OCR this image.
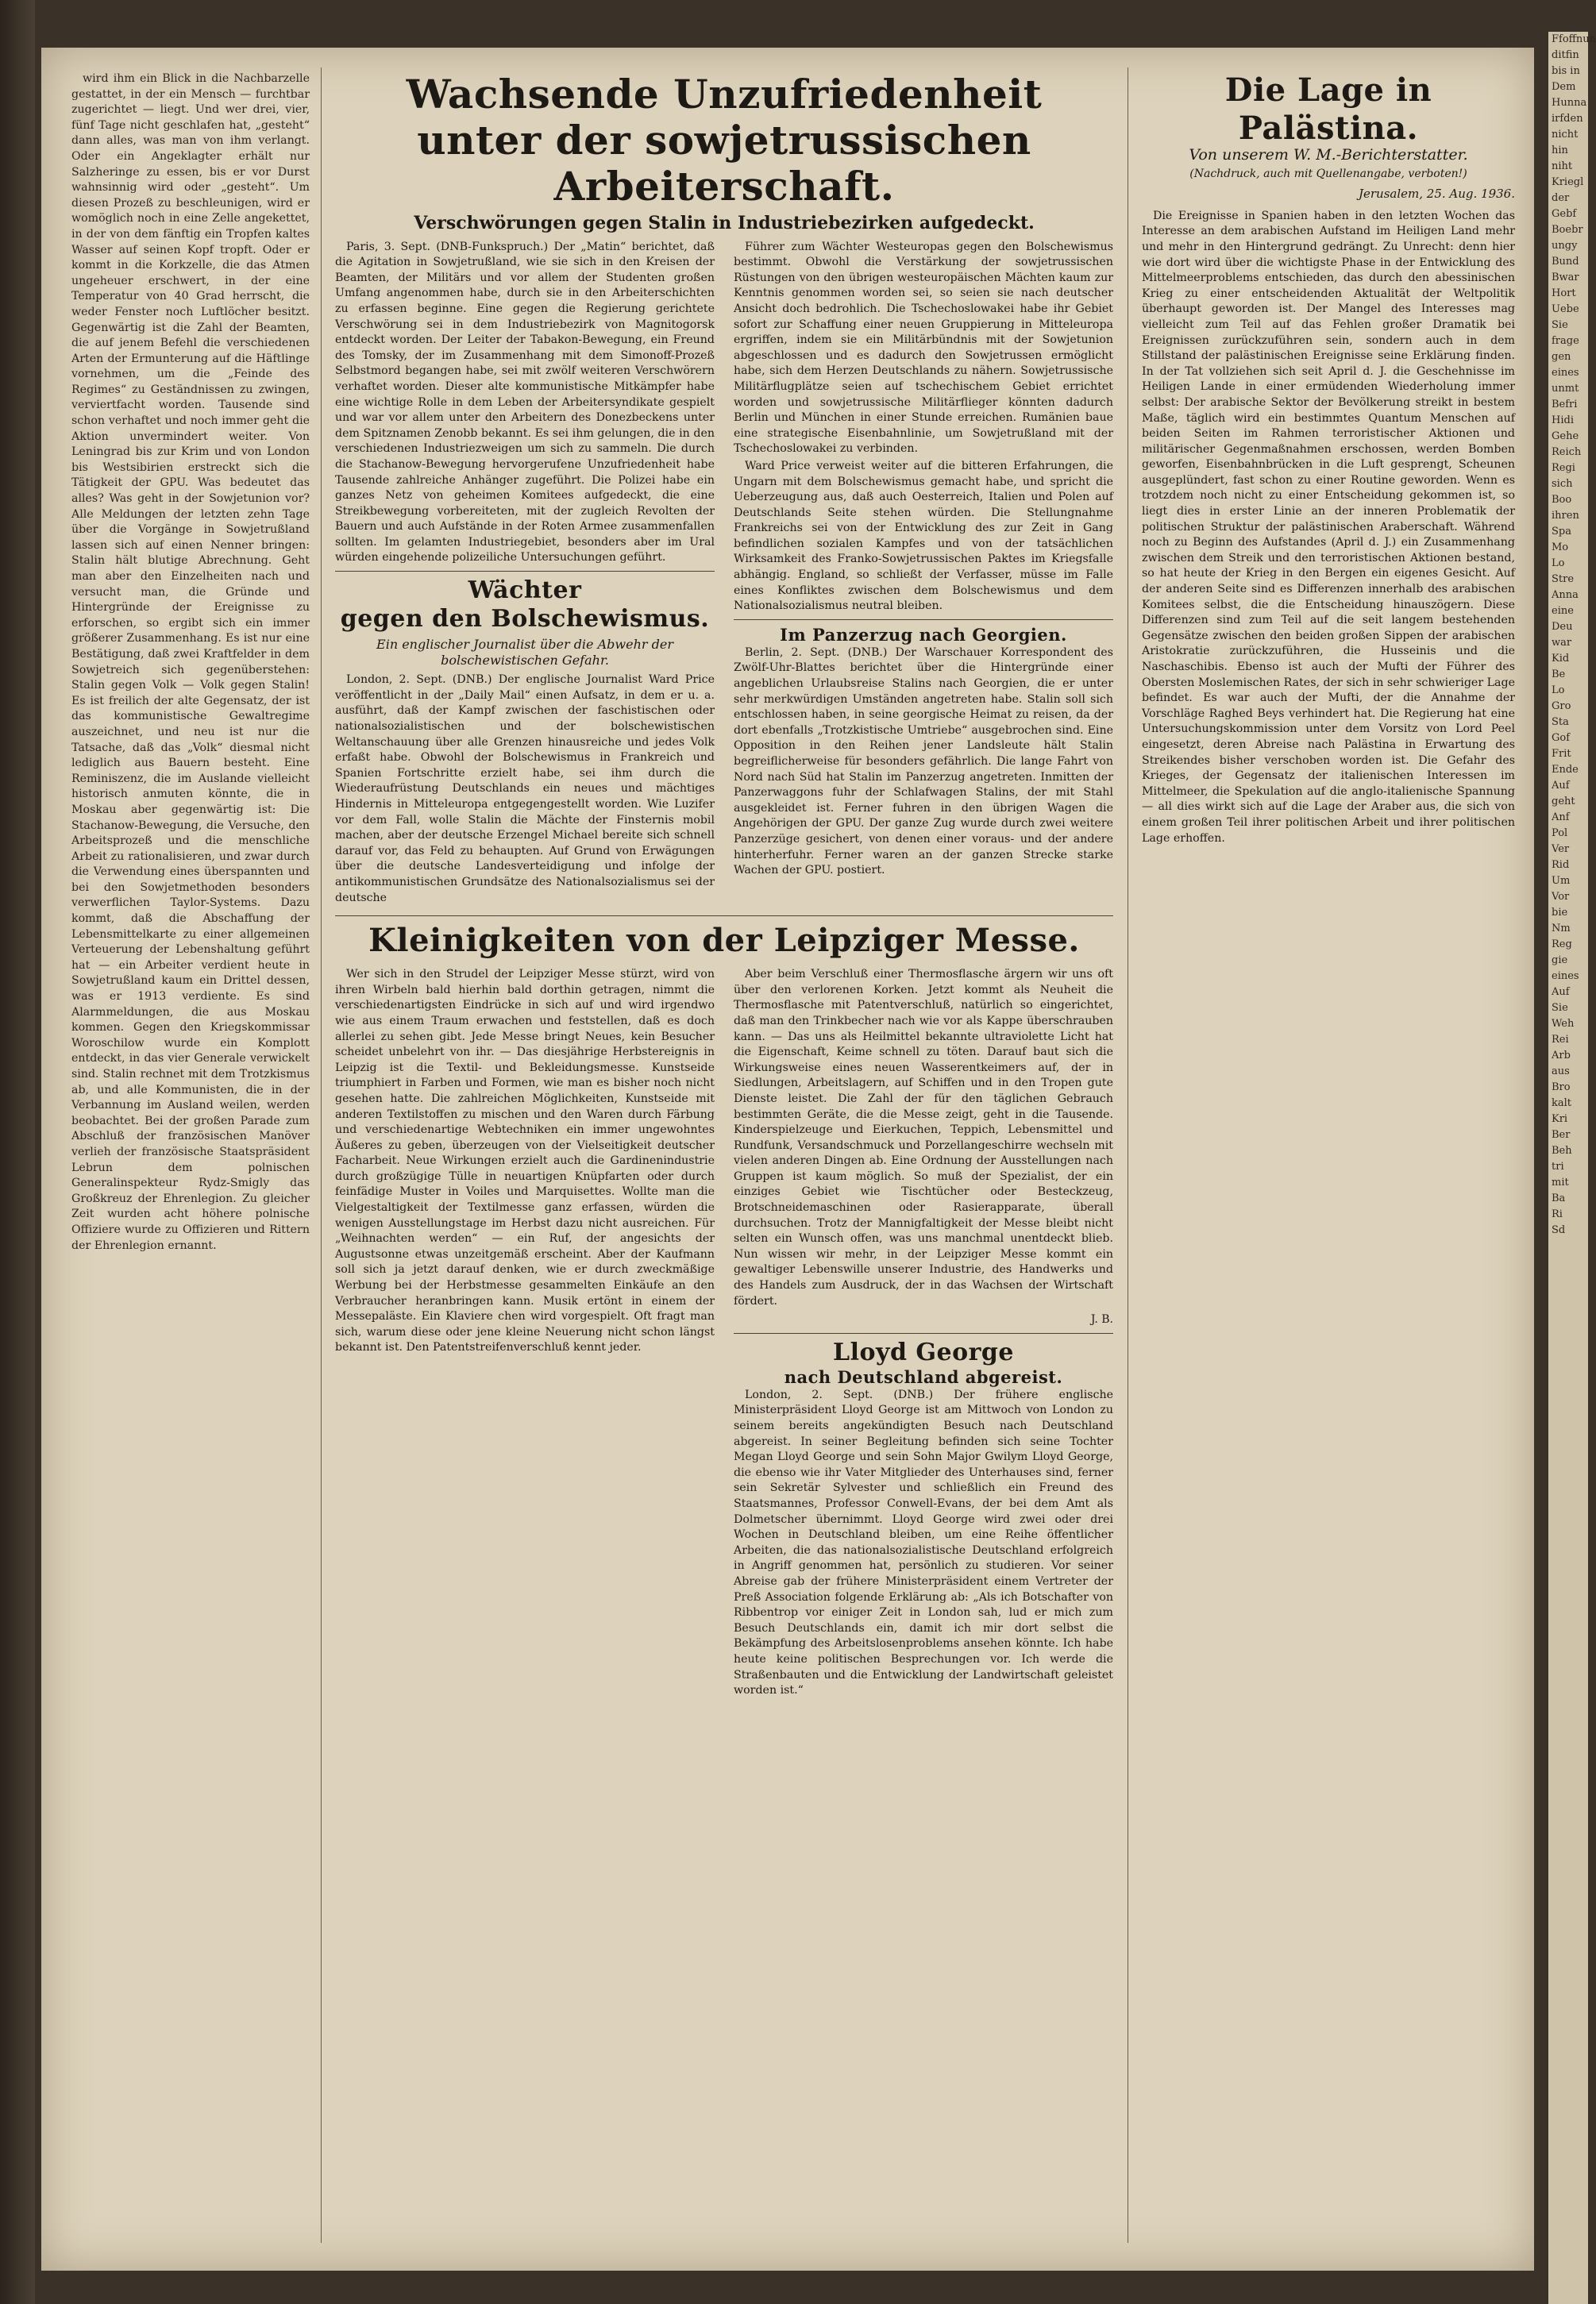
wird ihm ein Blick in die Nachbarzelle gestattet, in der ein Mensch — furchtbar zugerichtet — liegt. Und wer drei, vier, fünf Tage nicht geschlafen hat, „gesteht“ dann alles, was man von ihm verlangt. Oder ein Angeklagter erhält nur Salzheringe zu essen, bis er vor Durst wahnsinnig wird oder „gesteht“. Um diesen Prozeß zu beschleunigen, wird er womöglich noch in eine Zelle angekettet, in der von dem fänftig ein Tropfen kaltes Wasser auf seinen Kopf tropft. Oder er kommt in die Korkzelle, die das Atmen ungeheuer erschwert, in der eine Temperatur von 40 Grad herrscht, die weder Fenster noch Luftlöcher besitzt. Gegenwärtig ist die Zahl der Beamten, die auf jenem Befehl die verschiedenen Arten der Ermunterung auf die Häftlinge vornehmen, um die „Feinde des Regimes“ zu Geständnissen zu zwingen, verviertfacht worden. Tausende sind schon verhaftet und noch immer geht die Aktion unvermindert weiter. Von Leningrad bis zur Krim und von London bis Westsibirien erstreckt sich die Tätigkeit der GPU. Was bedeutet das alles? Was geht in der Sowjetunion vor? Alle Meldungen der letzten zehn Tage über die Vorgänge in Sowjetrußland lassen sich auf einen Nenner bringen: Stalin hält blutige Abrechnung. Geht man aber den Einzelheiten nach und versucht man, die Gründe und Hintergründe der Ereignisse zu erforschen, so ergibt sich ein immer größerer Zusammenhang. Es ist nur eine Bestätigung, daß zwei Kraftfelder in dem Sowjetreich sich gegenüberstehen: Stalin gegen Volk — Volk gegen Stalin! Es ist freilich der alte Gegensatz, der ist das kommunistische Gewaltregime auszeichnet, und neu ist nur die Tatsache, daß das „Volk“ diesmal nicht lediglich aus Bauern besteht. Eine Reminiszenz, die im Auslande vielleicht historisch anmuten könnte, die in Moskau aber gegenwärtig ist: Die Stachanow-Bewegung, die Versuche, den Arbeitsprozeß und die menschliche Arbeit zu rationalisieren, und zwar durch die Verwendung eines überspannten und bei den Sowjetmethoden besonders verwerflichen Taylor-Systems. Dazu kommt, daß die Abschaffung der Lebensmittelkarte zu einer allgemeinen Verteuerung der Lebenshaltung geführt hat — ein Arbeiter verdient heute in Sowjetrußland kaum ein Drittel dessen, was er 1913 verdiente. Es sind Alarmmeldungen, die aus Moskau kommen. Gegen den Kriegskommissar Woroschilow wurde ein Komplott entdeckt, in das vier Generale verwickelt sind. Stalin rechnet mit dem Trotzkismus ab, und alle Kommunisten, die in der Verbannung im Ausland weilen, werden beobachtet. Bei der großen Parade zum Abschluß der französischen Manöver verlieh der französische Staatspräsident Lebrun dem polnischen Generalinspekteur Rydz-Smigly das Großkreuz der Ehrenlegion. Zu gleicher Zeit wurden acht höhere polnische Offiziere wurde zu Offizieren und Rittern der Ehrenlegion ernannt.

Wachsende Unzufriedenheit
unter der sowjetrussischen Arbeiterschaft.
Verschwörungen gegen Stalin in Industriebezirken aufgedeckt.

Paris, 3. Sept. (DNB-Funkspruch.) Der „Matin“ berichtet, daß die Agitation in Sowjetrußland, wie sie sich in den Kreisen der Beamten, der Militärs und vor allem der Studenten großen Umfang angenommen habe, durch sie in den Arbeiterschichten zu erfassen beginne. Eine gegen die Regierung gerichtete Verschwörung sei in dem Industriebezirk von Magnitogorsk entdeckt worden. Der Leiter der Tabakon-Bewegung, ein Freund des Tomsky, der im Zusammenhang mit dem Simonoff-Prozeß Selbstmord begangen habe, sei mit zwölf weiteren Verschwörern verhaftet worden. Dieser alte kommunistische Mitkämpfer habe eine wichtige Rolle in dem Leben der Arbeitersyndikate gespielt und war vor allem unter den Arbeitern des Donezbeckens unter dem Spitznamen Zenobb bekannt. Es sei ihm gelungen, die in den verschiedenen Industriezweigen um sich zu sammeln. Die durch die Stachanow-Bewegung hervorgerufene Unzufriedenheit habe Tausende zahlreiche Anhänger zugeführt. Die Polizei habe ein ganzes Netz von geheimen Komitees aufgedeckt, die eine Streikbewegung vorbereiteten, mit der zugleich Revolten der Bauern und auch Aufstände in der Roten Armee zusammenfallen sollten. Im gelamten Industriegebiet, besonders aber im Ural würden eingehende polizeiliche Untersuchungen geführt.

Wächter
gegen den Bolschewismus.
Ein englischer Journalist über die Abwehr der bolschewistischen Gefahr.

London, 2. Sept. (DNB.) Der englische Journalist Ward Price veröffentlicht in der „Daily Mail“ einen Aufsatz, in dem er u. a. ausführt, daß der Kampf zwischen der faschistischen oder nationalsozialistischen und der bolschewistischen Weltanschauung über alle Grenzen hinausreiche und jedes Volk erfaßt habe. Obwohl der Bolschewismus in Frankreich und Spanien Fortschritte erzielt habe, sei ihm durch die Wiederaufrüstung Deutschlands ein neues und mächtiges Hindernis in Mitteleuropa entgegengestellt worden. Wie Luzifer vor dem Fall, wolle Stalin die Mächte der Finsternis mobil machen, aber der deutsche Erzengel Michael bereite sich schnell darauf vor, das Feld zu behaupten. Auf Grund von Erwägungen über die deutsche Landesverteidigung und infolge der antikommunistischen Grundsätze des Nationalsozialismus sei der deutsche

Führer zum Wächter Westeuropas gegen den Bolschewismus bestimmt. Obwohl die Verstärkung der sowjetrussischen Rüstungen von den übrigen westeuropäischen Mächten kaum zur Kenntnis genommen worden sei, so seien sie nach deutscher Ansicht doch bedrohlich. Die Tschechoslowakei habe ihr Gebiet sofort zur Schaffung einer neuen Gruppierung in Mitteleuropa ergriffen, indem sie ein Militärbündnis mit der Sowjetunion abgeschlossen und es dadurch den Sowjetrussen ermöglicht habe, sich dem Herzen Deutschlands zu nähern. Sowjetrussische Militärflugplätze seien auf tschechischem Gebiet errichtet worden und sowjetrussische Militärflieger könnten dadurch Berlin und München in einer Stunde erreichen. Rumänien baue eine strategische Eisenbahnlinie, um Sowjetrußland mit der Tschechoslowakei zu verbinden.

Ward Price verweist weiter auf die bitteren Erfahrungen, die Ungarn mit dem Bolschewismus gemacht habe, und spricht die Ueberzeugung aus, daß auch Oesterreich, Italien und Polen auf Deutschlands Seite stehen würden. Die Stellungnahme Frankreichs sei von der Entwicklung des zur Zeit in Gang befindlichen sozialen Kampfes und von der tatsächlichen Wirksamkeit des Franko-Sowjetrussischen Paktes im Kriegsfalle abhängig. England, so schließt der Verfasser, müsse im Falle eines Konfliktes zwischen dem Bolschewismus und dem Nationalsozialismus neutral bleiben.

Im Panzerzug nach Georgien.

Berlin, 2. Sept. (DNB.) Der Warschauer Korrespondent des Zwölf-Uhr-Blattes berichtet über die Hintergründe einer angeblichen Urlaubsreise Stalins nach Georgien, die er unter sehr merkwürdigen Umständen angetreten habe. Stalin soll sich entschlossen haben, in seine georgische Heimat zu reisen, da der dort ebenfalls „Trotzkistische Umtriebe“ ausgebrochen sind. Eine Opposition in den Reihen jener Landsleute hält Stalin begreiflicherweise für besonders gefährlich. Die lange Fahrt von Nord nach Süd hat Stalin im Panzerzug angetreten. Inmitten der Panzerwaggons fuhr der Schlafwagen Stalins, der mit Stahl ausgekleidet ist. Ferner fuhren in den übrigen Wagen die Angehörigen der GPU. Der ganze Zug wurde durch zwei weitere Panzerzüge gesichert, von denen einer voraus- und der andere hinterherfuhr. Ferner waren an der ganzen Strecke starke Wachen der GPU. postiert.

Kleinigkeiten von der Leipziger Messe.

Wer sich in den Strudel der Leipziger Messe stürzt, wird von ihren Wirbeln bald hierhin bald dorthin getragen, nimmt die verschiedenartigsten Eindrücke in sich auf und wird irgendwo wie aus einem Traum erwachen und feststellen, daß es doch allerlei zu sehen gibt. Jede Messe bringt Neues, kein Besucher scheidet unbelehrt von ihr. — Das diesjährige Herbstereignis in Leipzig ist die Textil- und Bekleidungsmesse. Kunstseide triumphiert in Farben und Formen, wie man es bisher noch nicht gesehen hatte. Die zahlreichen Möglichkeiten, Kunstseide mit anderen Textilstoffen zu mischen und den Waren durch Färbung und verschiedenartige Webtechniken ein immer ungewohntes Äußeres zu geben, überzeugen von der Vielseitigkeit deutscher Facharbeit. Neue Wirkungen erzielt auch die Gardinenindustrie durch großzügige Tülle in neuartigen Knüpfarten oder durch feinfädige Muster in Voiles und Marquisettes. Wollte man die Vielgestaltigkeit der Textilmesse ganz erfassen, würden die wenigen Ausstellungstage im Herbst dazu nicht ausreichen. Für „Weihnachten werden“ — ein Ruf, der angesichts der Augustsonne etwas unzeitgemäß erscheint. Aber der Kaufmann soll sich ja jetzt darauf denken, wie er durch zweckmäßige Werbung bei der Herbstmesse gesammelten Einkäufe an den Verbraucher heranbringen kann. Musik ertönt in einem der Messepaläste. Ein Klaviere chen wird vorgespielt. Oft fragt man sich, warum diese oder jene kleine Neuerung nicht schon längst bekannt ist. Den Patentstreifenverschluß kennt jeder.

Aber beim Verschluß einer Thermosflasche ärgern wir uns oft über den verlorenen Korken. Jetzt kommt als Neuheit die Thermosflasche mit Patentverschluß, natürlich so eingerichtet, daß man den Trinkbecher nach wie vor als Kappe überschrauben kann. — Das uns als Heilmittel bekannte ultraviolette Licht hat die Eigenschaft, Keime schnell zu töten. Darauf baut sich die Wirkungsweise eines neuen Wasserentkeimers auf, der in Siedlungen, Arbeitslagern, auf Schiffen und in den Tropen gute Dienste leistet. Die Zahl der für den täglichen Gebrauch bestimmten Geräte, die die Messe zeigt, geht in die Tausende. Kinderspielzeuge und Eierkuchen, Teppich, Lebensmittel und Rundfunk, Versandschmuck und Porzellangeschirre wechseln mit vielen anderen Dingen ab. Eine Ordnung der Ausstellungen nach Gruppen ist kaum möglich. So muß der Spezialist, der ein einziges Gebiet wie Tischtücher oder Besteckzeug, Brotschneidemaschinen oder Rasierapparate, überall durchsuchen. Trotz der Mannigfaltigkeit der Messe bleibt nicht selten ein Wunsch offen, was uns manchmal unentdeckt blieb. Nun wissen wir mehr, in der Leipziger Messe kommt ein gewaltiger Lebenswille unserer Industrie, des Handwerks und des Handels zum Ausdruck, der in das Wachsen der Wirtschaft fördert.

J. B.
Lloyd George
nach Deutschland abgereist.

London, 2. Sept. (DNB.) Der frühere englische Ministerpräsident Lloyd George ist am Mittwoch von London zu seinem bereits angekündigten Besuch nach Deutschland abgereist. In seiner Begleitung befinden sich seine Tochter Megan Lloyd George und sein Sohn Major Gwilym Lloyd George, die ebenso wie ihr Vater Mitglieder des Unterhauses sind, ferner sein Sekretär Sylvester und schließlich ein Freund des Staatsmannes, Professor Conwell-Evans, der bei dem Amt als Dolmetscher übernimmt. Lloyd George wird zwei oder drei Wochen in Deutschland bleiben, um eine Reihe öffentlicher Arbeiten, die das nationalsozialistische Deutschland erfolgreich in Angriff genommen hat, persönlich zu studieren. Vor seiner Abreise gab der frühere Ministerpräsident einem Vertreter der Preß Association folgende Erklärung ab: „Als ich Botschafter von Ribbentrop vor einiger Zeit in London sah, lud er mich zum Besuch Deutschlands ein, damit ich mir dort selbst die Bekämpfung des Arbeitslosenproblems ansehen könnte. Ich habe heute keine politischen Besprechungen vor. Ich werde die Straßenbauten und die Entwicklung der Landwirtschaft geleistet worden ist.“

Die Lage in Palästina.
Von unserem W. M.-Berichterstatter.
(Nachdruck, auch mit Quellenangabe, verboten!)
Jerusalem, 25. Aug. 1936.

Die Ereignisse in Spanien haben in den letzten Wochen das Interesse an dem arabischen Aufstand im Heiligen Land mehr und mehr in den Hintergrund gedrängt. Zu Unrecht: denn hier wie dort wird über die wichtigste Phase in der Entwicklung des Mittelmeerproblems entschieden, das durch den abessinischen Krieg zu einer entscheidenden Aktualität der Weltpolitik überhaupt geworden ist. Der Mangel des Interesses mag vielleicht zum Teil auf das Fehlen großer Dramatik bei Ereignissen zurückzuführen sein, sondern auch in dem Stillstand der palästinischen Ereignisse seine Erklärung finden. In der Tat vollziehen sich seit April d. J. die Geschehnisse im Heiligen Lande in einer ermüdenden Wiederholung immer selbst: Der arabische Sektor der Bevölkerung streikt in bestem Maße, täglich wird ein bestimmtes Quantum Menschen auf beiden Seiten im Rahmen terroristischer Aktionen und militärischer Gegenmaßnahmen erschossen, werden Bomben geworfen, Eisenbahnbrücken in die Luft gesprengt, Scheunen ausgeplündert, fast schon zu einer Routine geworden. Wenn es trotzdem noch nicht zu einer Entscheidung gekommen ist, so liegt dies in erster Linie an der inneren Problematik der politischen Struktur der palästinischen Araberschaft. Während noch zu Beginn des Aufstandes (April d. J.) ein Zusammenhang zwischen dem Streik und den terroristischen Aktionen bestand, so hat heute der Krieg in den Bergen ein eigenes Gesicht. Auf der anderen Seite sind es Differenzen innerhalb des arabischen Komitees selbst, die die Entscheidung hinauszögern. Diese Differenzen sind zum Teil auf die seit langem bestehenden Gegensätze zwischen den beiden großen Sippen der arabischen Aristokratie zurückzuführen, die Husseinis und die Naschaschibis. Ebenso ist auch der Mufti der Führer des Obersten Moslemischen Rates, der sich in sehr schwieriger Lage befindet. Es war auch der Mufti, der die Annahme der Vorschläge Raghed Beys verhindert hat. Die Regierung hat eine Untersuchungskommission unter dem Vorsitz von Lord Peel eingesetzt, deren Abreise nach Palästina in Erwartung des Streikendes bisher verschoben worden ist. Die Gefahr des Krieges, der Gegensatz der italienischen Interessen im Mittelmeer, die Spekulation auf die anglo-italienische Spannung — all dies wirkt sich auf die Lage der Araber aus, die sich von einem großen Teil ihrer politischen Arbeit und ihrer politischen Lage erhoffen.

Ffoffnun
ditfin
bis in
Dem
Hunna
irfden
nicht
hin
niht
Kriegl
der
Gebf
Boebr
ungy
Bund
Bwar
Hort
Uebe
Sie
frage
gen
eines
unmt
Befri
Hidi
Gehe
Reich
Regi
sich
Boo
ihren
Spa
Mo
Lo
Stre
Anna
eine
Deu
war
Kid
Be
Lo
Gro
Sta
Gof
Frit
Ende
Auf
geht
Anf
Pol
Ver
Rid
Um
Vor
bie
Nm
Reg
gie
eines
Auf
Sie
Weh
Rei
Arb
aus
Bro
kalt
Kri
Ber
Beh
tri
mit
Ba
Ri
Sd
